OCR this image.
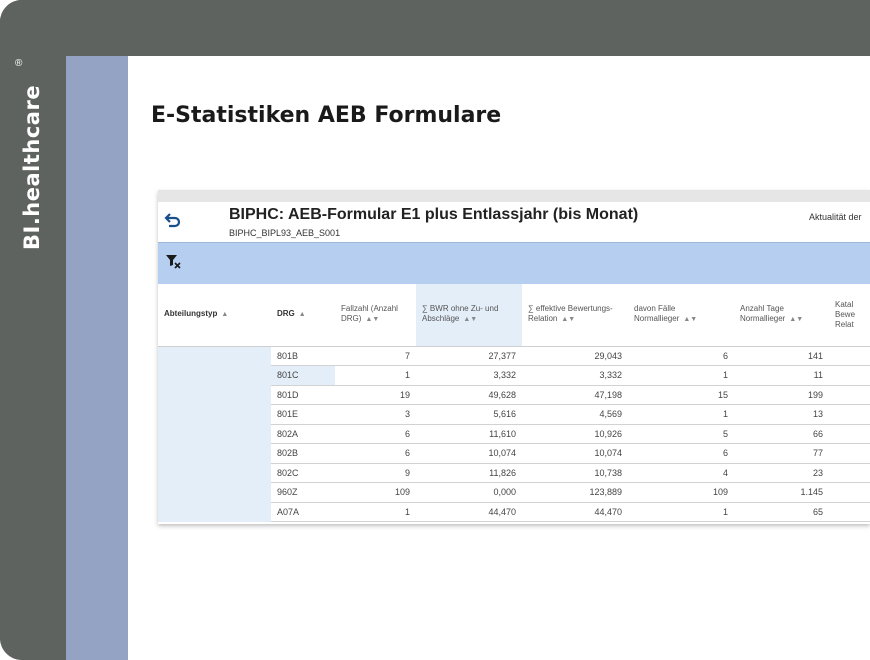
®
BI.healthcare	E-Statistiken AEB Formulare
BIPHC: AEB-Formular E1 plus Entlassjahr (bis Monat)
BIPHC_BIPL93_AEB_S001
Aktualität der
Abteilungstyp ▲	DRG ▲	Fallzahl (Anzahl DRG) ▲▼	∑ BWR ohne Zu- und Abschläge ▲▼	∑ effektive Bewertungs-Relation ▲▼	davon Fälle Normallieger ▲▼	Anzahl Tage Normallieger ▲▼	Katal Bewe Relat
	801B	7	27,377	29,043	6	141	
	801C	1	3,332	3,332	1	11	
	801D	19	49,628	47,198	15	199	
	801E	3	5,616	4,569	1	13	
	802A	6	11,610	10,926	5	66	
	802B	6	10,074	10,074	6	77	
	802C	9	11,826	10,738	4	23	
	960Z	109	0,000	123,889	109	1.145	
	A07A	1	44,470	44,470	1	65	
